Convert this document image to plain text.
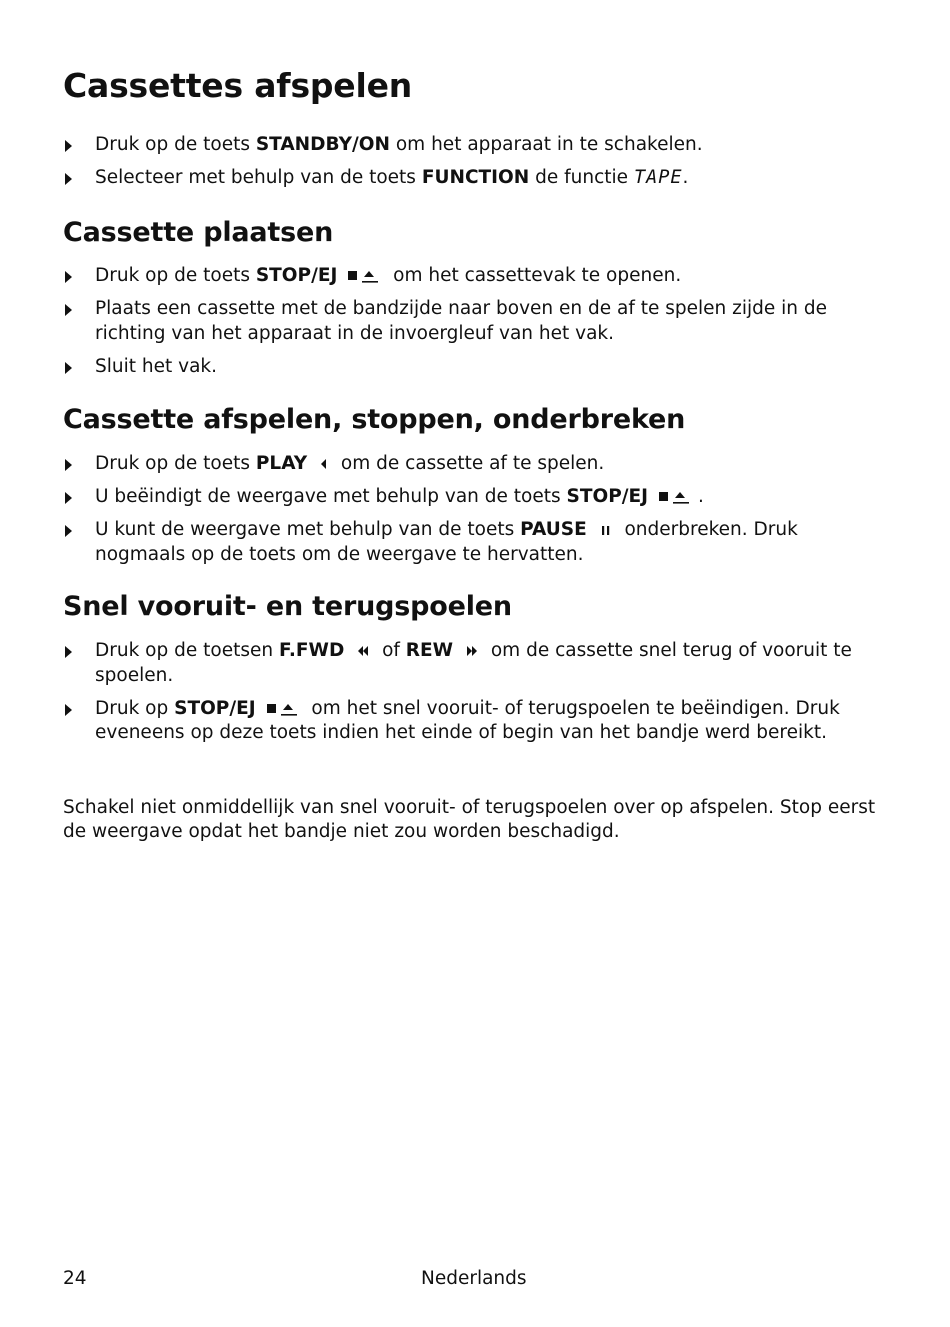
Cassettes afspelen
Druk op de toets STANDBY/ON om het apparaat in te schakelen.
Selecteer met behulp van de toets FUNCTION de functie TAPE.
Cassette plaatsen
Druk op de toets STOP/EJ	om het cassettevak te openen.
Plaats een cassette met de bandzijde naar boven en de af te spelen zijde in de richting van het apparaat in de invoergleuf van het vak.
Sluit het vak.
Cassette afspelen, stoppen, onderbreken
Druk op de toets PLAY  om de cassette af te spelen.
U beëindigt de weergave met behulp van de toets STOP/EJ	.
U kunt de weergave met behulp van de toets PAUSE  onderbreken. Druk nogmaals op de toets om de weergave te hervatten.
Snel vooruit- en terugspoelen
Druk op de toetsen F.FWD  of REW  om de cassette snel terug of vooruit te spoelen.
Druk op STOP/EJ	om het snel vooruit- of terugspoelen te beëindigen. Druk eveneens op deze toets indien het einde of begin van het bandje werd bereikt.

Schakel niet onmiddellijk van snel vooruit- of terugspoelen over op afspelen. Stop eerst de weergave opdat het bandje niet zou worden beschadigd.

24	Nederlands
